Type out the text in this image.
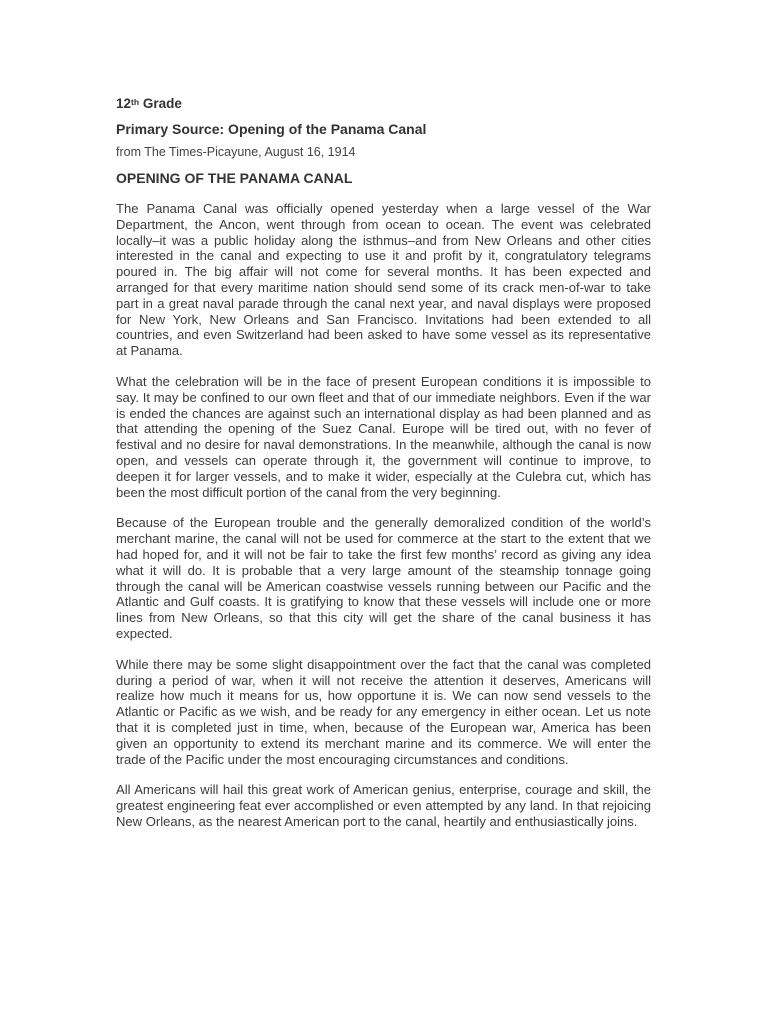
12th Grade
Primary Source: Opening of the Panama Canal
from The Times-Picayune, August 16, 1914
OPENING OF THE PANAMA CANAL

The Panama Canal was officially opened yesterday when a large vessel of the War Department, the Ancon, went through from ocean to ocean. The event was celebrated locally–it was a public holiday along the isthmus–and from New Orleans and other cities interested in the canal and expecting to use it and profit by it, congratulatory telegrams poured in. The big affair will not come for several months. It has been expected and arranged for that every maritime nation should send some of its crack men-of-war to take part in a great naval parade through the canal next year, and naval displays were proposed for New York, New Orleans and San Francisco. Invitations had been extended to all countries, and even Switzerland had been asked to have some vessel as its representative at Panama.

What the celebration will be in the face of present European conditions it is impossible to say. It may be confined to our own fleet and that of our immediate neighbors. Even if the war is ended the chances are against such an international display as had been planned and as that attending the opening of the Suez Canal. Europe will be tired out, with no fever of festival and no desire for naval demonstrations. In the meanwhile, although the canal is now open, and vessels can operate through it, the government will continue to improve, to deepen it for larger vessels, and to make it wider, especially at the Culebra cut, which has been the most difficult portion of the canal from the very beginning.

Because of the European trouble and the generally demoralized condition of the world’s merchant marine, the canal will not be used for commerce at the start to the extent that we had hoped for, and it will not be fair to take the first few months’ record as giving any idea what it will do. It is probable that a very large amount of the steamship tonnage going through the canal will be American coastwise vessels running between our Pacific and the Atlantic and Gulf coasts. It is gratifying to know that these vessels will include one or more lines from New Orleans, so that this city will get the share of the canal business it has expected.

While there may be some slight disappointment over the fact that the canal was completed during a period of war, when it will not receive the attention it deserves, Americans will realize how much it means for us, how opportune it is. We can now send vessels to the Atlantic or Pacific as we wish, and be ready for any emergency in either ocean. Let us note that it is completed just in time, when, because of the European war, America has been given an opportunity to extend its merchant marine and its commerce. We will enter the trade of the Pacific under the most encouraging circumstances and conditions.

All Americans will hail this great work of American genius, enterprise, courage and skill, the greatest engineering feat ever accomplished or even attempted by any land. In that rejoicing New Orleans, as the nearest American port to the canal, heartily and enthusiastically joins.
